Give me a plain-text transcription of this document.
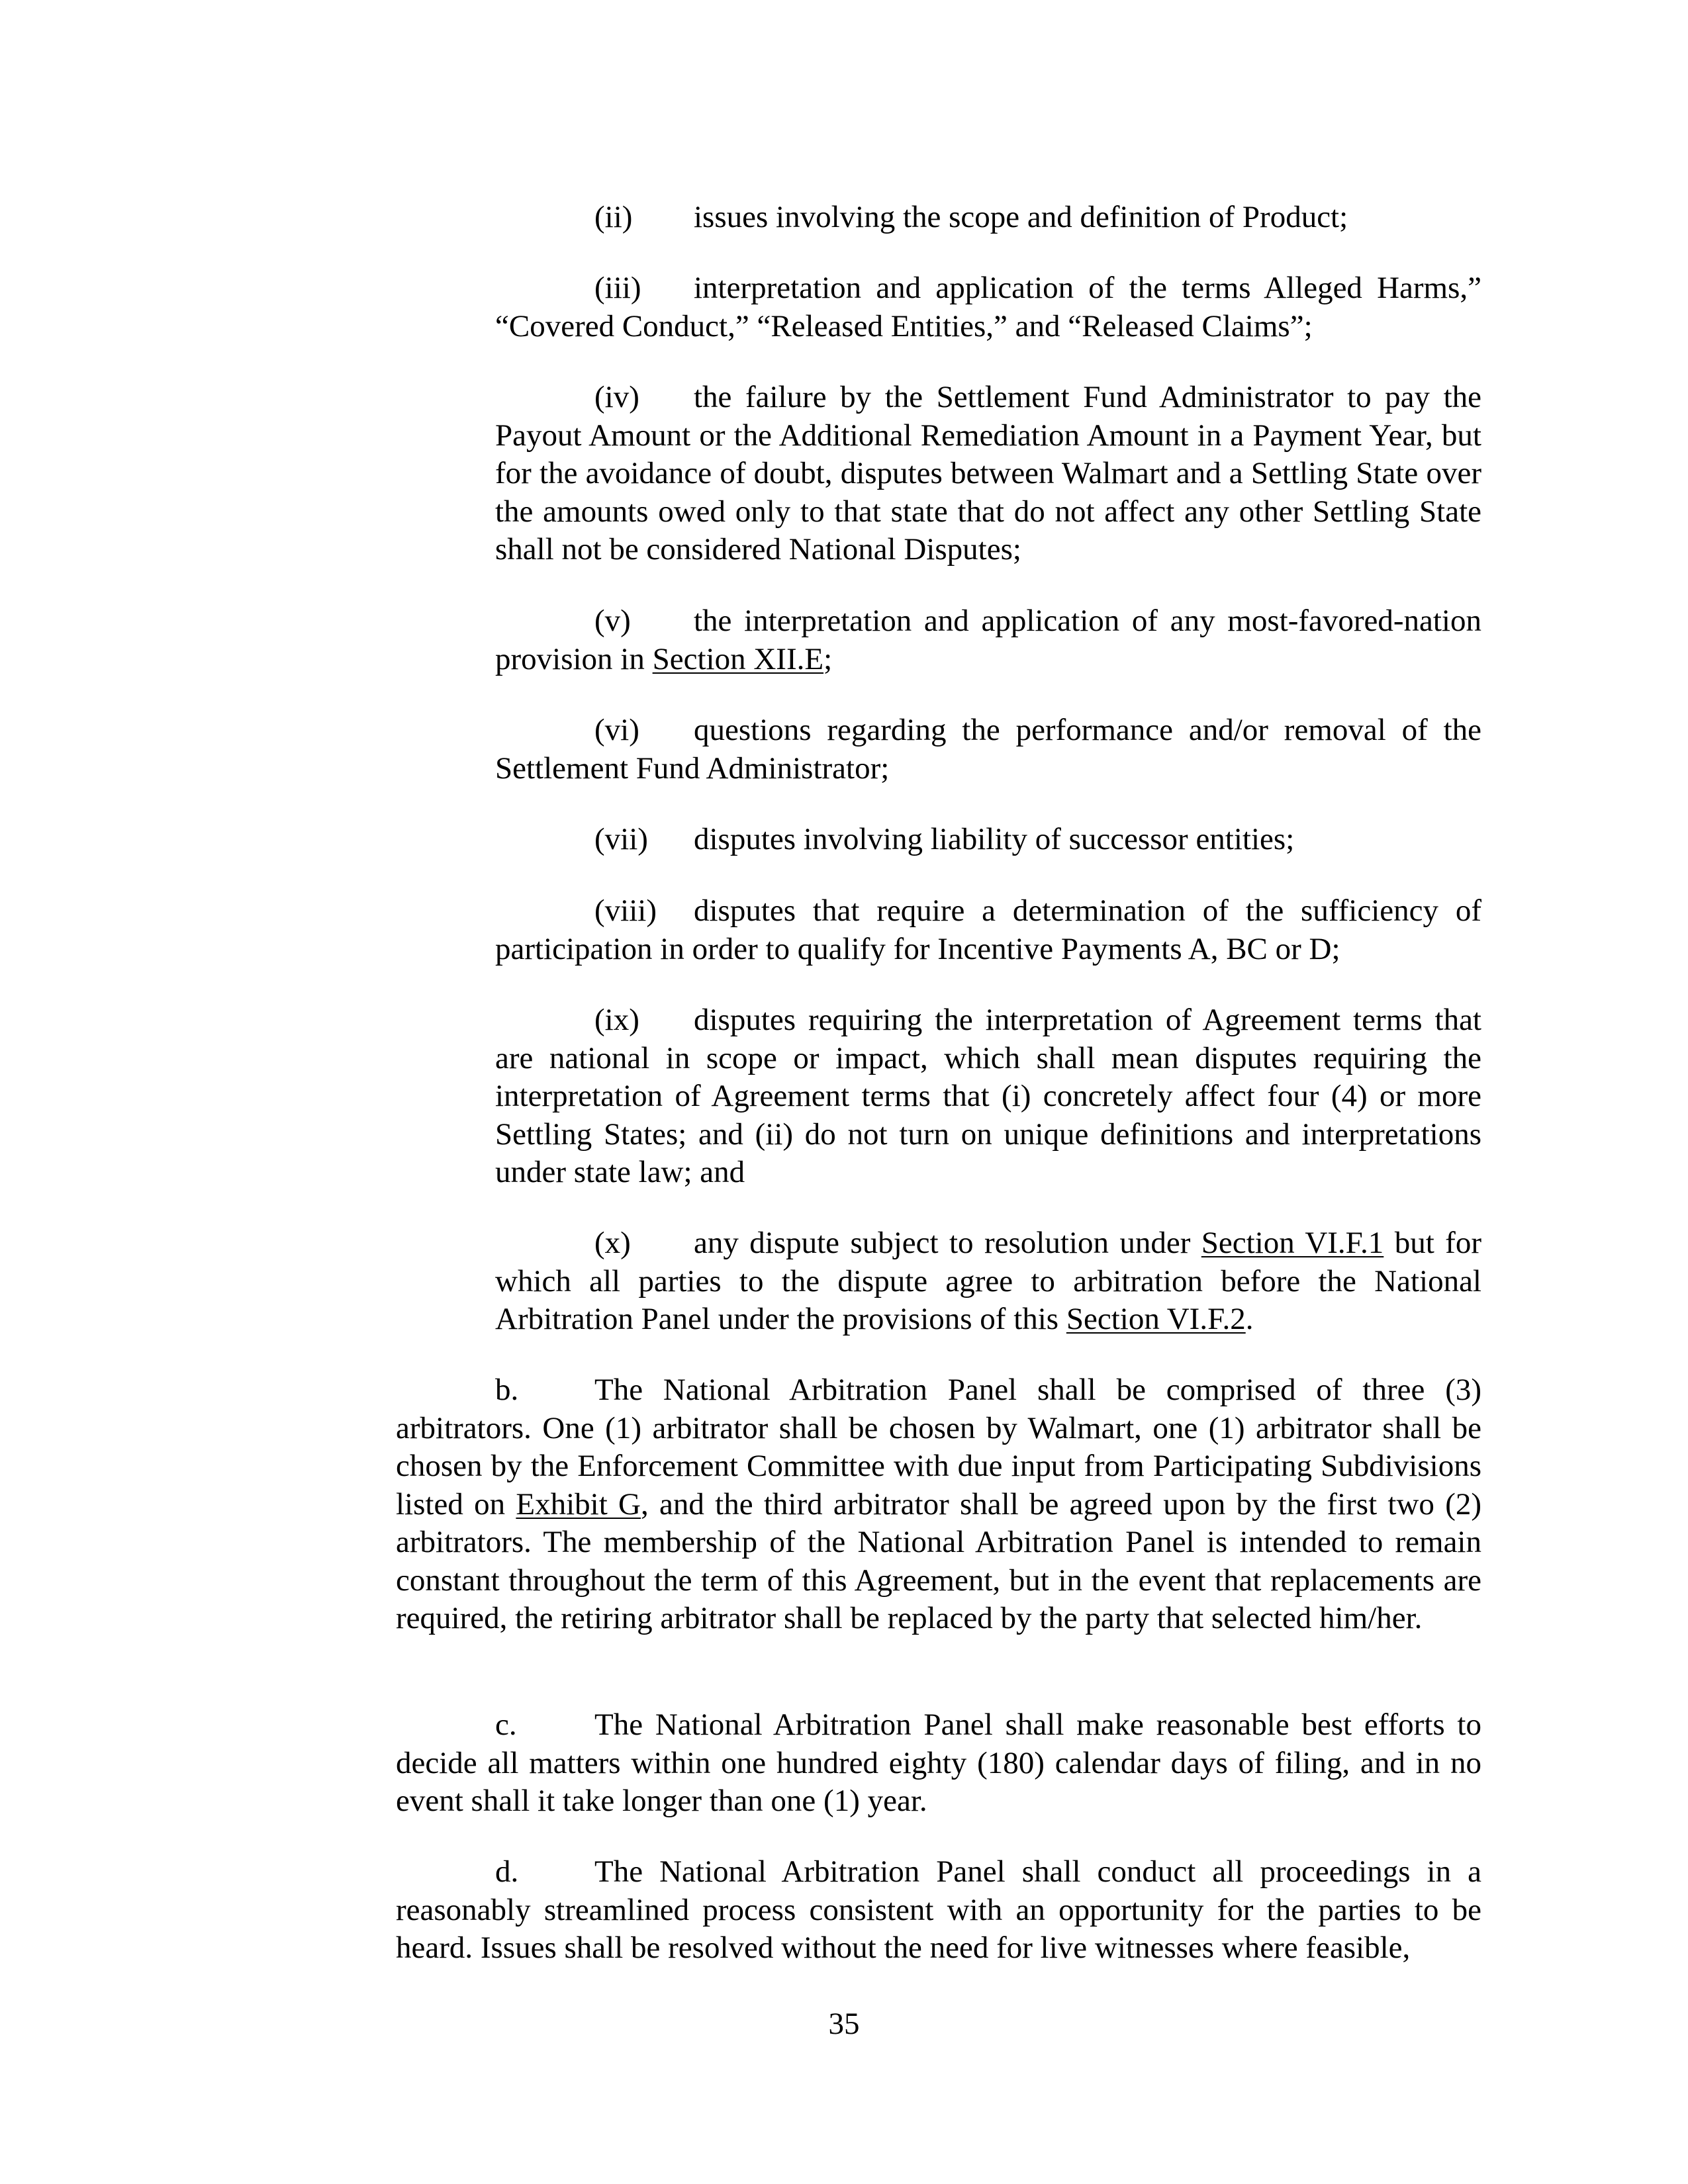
(ii) issues involving the scope and definition of Product;

(iii) interpretation and application of the terms Alleged Harms,” “Covered Conduct,” “Released Entities,” and “Released Claims”;

(iv) the failure by the Settlement Fund Administrator to pay the Payout Amount or the Additional Remediation Amount in a Payment Year, but for the avoidance of doubt, disputes between Walmart and a Settling State over the amounts owed only to that state that do not affect any other Settling State shall not be considered National Disputes;

(v) the interpretation and application of any most-favored-nation provision in Section XII.E;

(vi) questions regarding the performance and/or removal of the Settlement Fund Administrator;

(vii) disputes involving liability of successor entities;

(viii) disputes that require a determination of the sufficiency of participation in order to qualify for Incentive Payments A, BC or D;

(ix) disputes requiring the interpretation of Agreement terms that are national in scope or impact, which shall mean disputes requiring the interpretation of Agreement terms that (i) concretely affect four (4) or more Settling States; and (ii) do not turn on unique definitions and interpretations under state law; and

(x) any dispute subject to resolution under Section VI.F.1 but for which all parties to the dispute agree to arbitration before the National Arbitration Panel under the provisions of this Section VI.F.2.

b. The National Arbitration Panel shall be comprised of three (3) arbitrators. One (1) arbitrator shall be chosen by Walmart, one (1) arbitrator shall be chosen by the Enforcement Committee with due input from Participating Subdivisions listed on Exhibit G, and the third arbitrator shall be agreed upon by the first two (2) arbitrators. The membership of the National Arbitration Panel is intended to remain constant throughout the term of this Agreement, but in the event that replacements are required, the retiring arbitrator shall be replaced by the party that selected him/her.

c. The National Arbitration Panel shall make reasonable best efforts to decide all matters within one hundred eighty (180) calendar days of filing, and in no event shall it take longer than one (1) year.

d. The National Arbitration Panel shall conduct all proceedings in a reasonably streamlined process consistent with an opportunity for the parties to be heard. Issues shall be resolved without the need for live witnesses where feasible,

35
